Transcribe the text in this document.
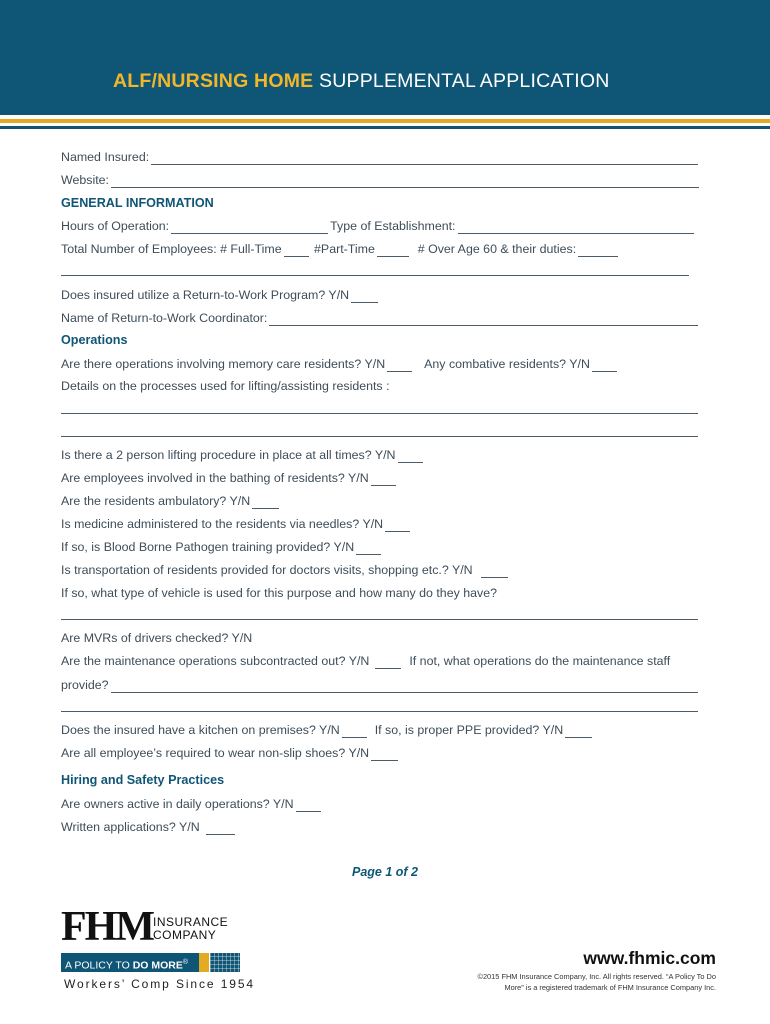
ALF/NURSING HOME SUPPLEMENTAL APPLICATION
Named Insured:
Website:
GENERAL INFORMATION
Hours of Operation:	Type of Establishment:
Total Number of Employees: # Full-Time #Part-Time	# Over Age 60 & their duties:
Does insured utilize a Return-to-Work Program? Y/N
Name of Return-to-Work Coordinator:
Operations
Are there operations involving memory care residents? Y/N	Any combative residents? Y/N
Details on the processes used for lifting/assisting residents :
Is there a 2 person lifting procedure in place at all times? Y/N
Are employees involved in the bathing of residents? Y/N
Are the residents ambulatory? Y/N
Is medicine administered to the residents via needles? Y/N
If so, is Blood Borne Pathogen training provided? Y/N
Is transportation of residents provided for doctors visits, shopping etc.? Y/N
If so, what type of vehicle is used for this purpose and how many do they have?
Are MVRs of drivers checked? Y/N
Are the maintenance operations subcontracted out? Y/N	If not, what operations do the maintenance staff
provide?
Does the insured have a kitchen on premises? Y/N	If so, is proper PPE provided? Y/N
Are all employee’s required to wear non-slip shoes? Y/N
Hiring and Safety Practices
Are owners active in daily operations? Y/N
Written applications? Y/N
Page 1 of 2
FHM INSURANCE
COMPANY
A POLICY TO DO MORE®
Workers’ Comp Since 1954
www.fhmic.com
©2015 FHM Insurance Company, Inc. All rights reserved. “A Policy To Do More” is a registered trademark of FHM Insurance Company Inc.
